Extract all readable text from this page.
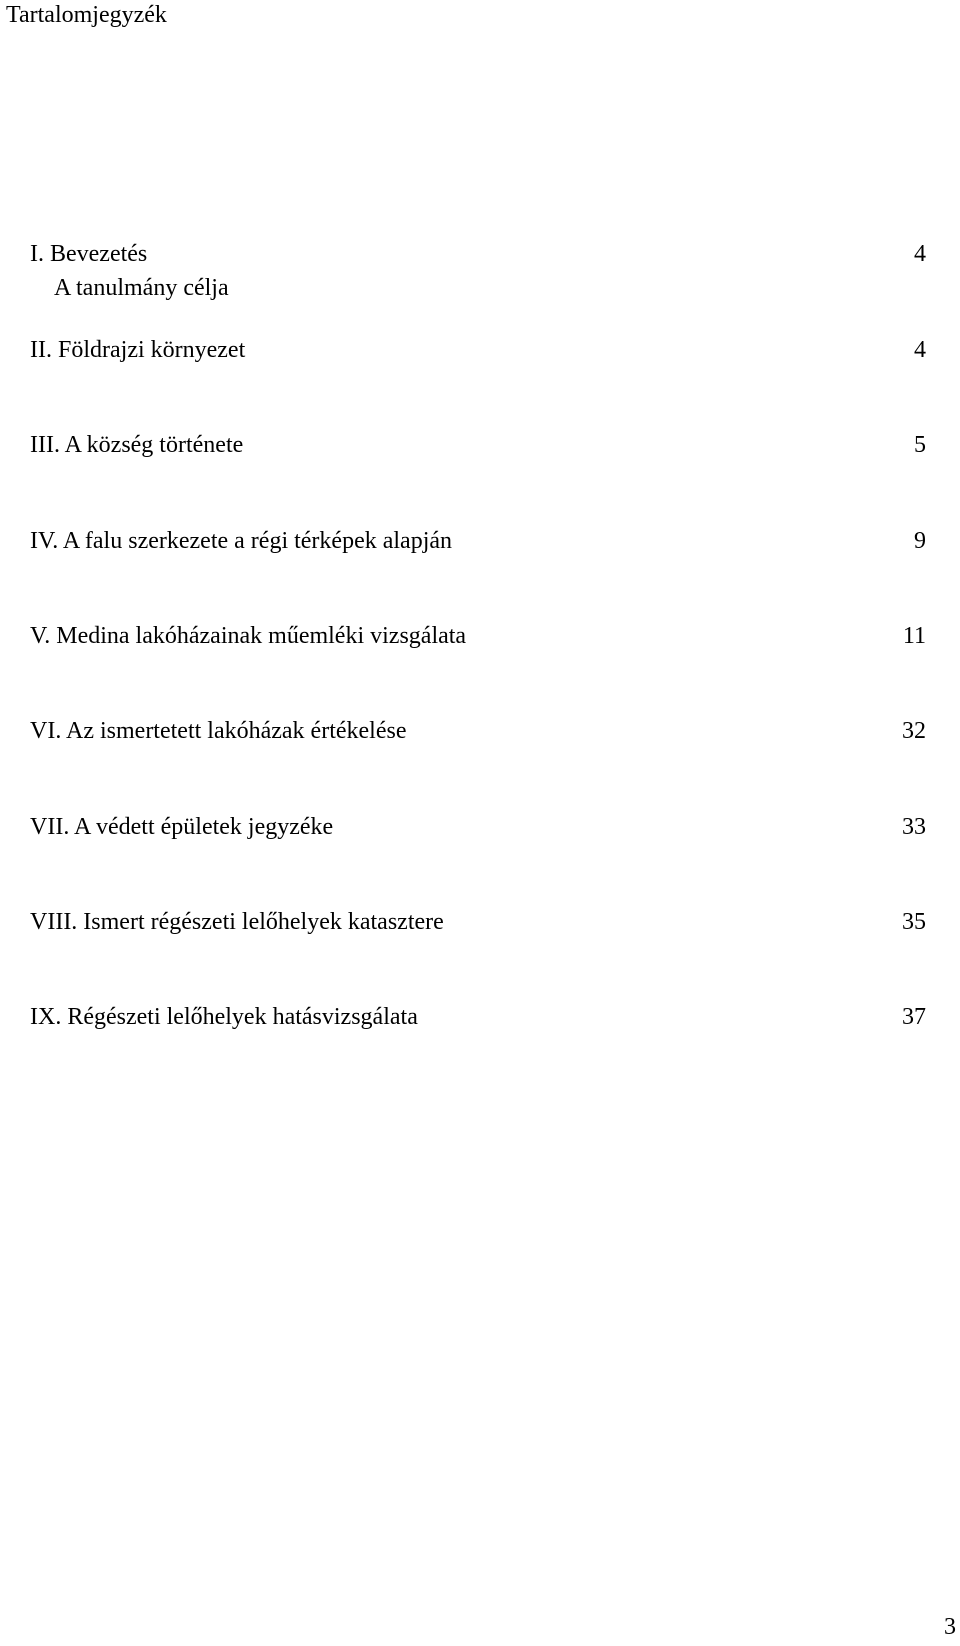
Tartalomjegyzék
I. Bevezetés	4
A tanulmány célja
II. Földrajzi környezet	4
III. A község története	5
IV. A falu szerkezete a régi térképek alapján	9
V. Medina lakóházainak műemléki vizsgálata	11
VI. Az ismertetett lakóházak értékelése	32
VII. A védett épületek jegyzéke	33
VIII. Ismert régészeti lelőhelyek katasztere	35
IX. Régészeti lelőhelyek hatásvizsgálata	37
3
